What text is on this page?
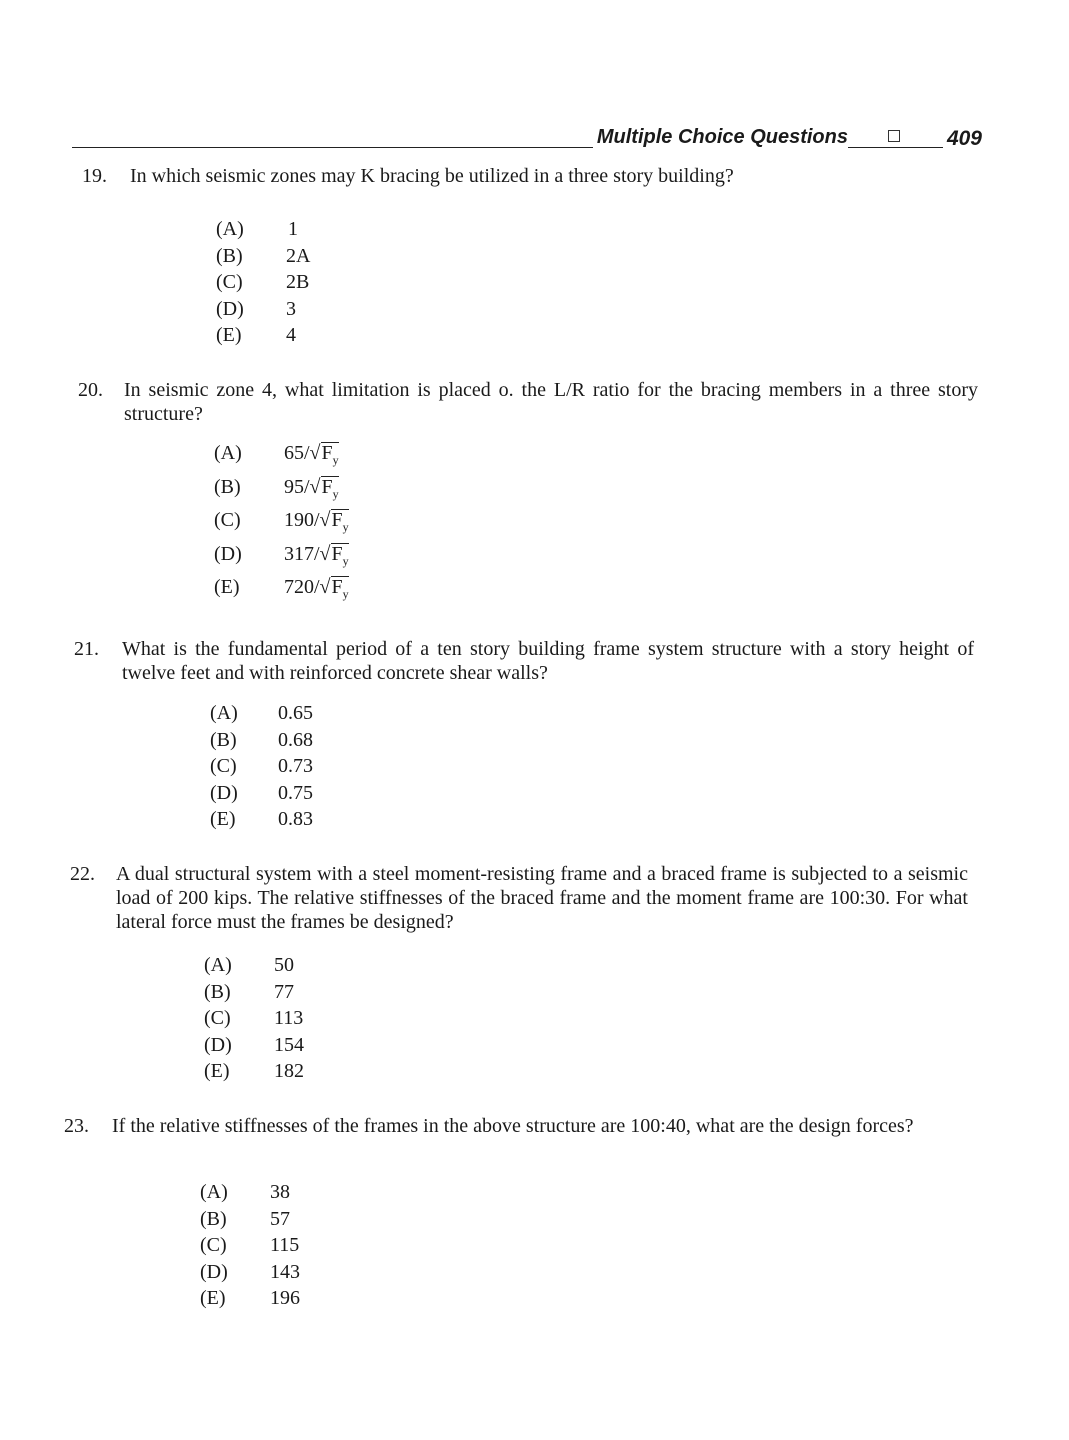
Multiple Choice Questions	409
19. In which seismic zones may K bracing be utilized in a three story building?
(A) 1
(B) 2A
(C) 2B
(D) 3
(E) 4
20. In seismic zone 4, what limitation is placed o. the L/R ratio for the bracing members in a three story structure?
(A) $65/√F_y$
(B) $95/√F_y$
(C) $190/√F_y$
(D) $317/√F_y$
(E) $720/√F_y$
21. What is the fundamental period of a ten story building frame system structure with a story height of twelve feet and with reinforced concrete shear walls?
(A) 0.65
(B) 0.68
(C) 0.73
(D) 0.75
(E) 0.83
22. A dual structural system with a steel moment-resisting frame and a braced frame is subjected to a seismic load of 200 kips. The relative stiffnesses of the braced frame and the moment frame are 100:30. For what lateral force must the frames be designed?
(A) 50
(B) 77
(C) 113
(D) 154
(E) 182
23. If the relative stiffnesses of the frames in the above structure are 100:40, what are the design forces?
(A) 38
(B) 57
(C) 115
(D) 143
(E) 196
